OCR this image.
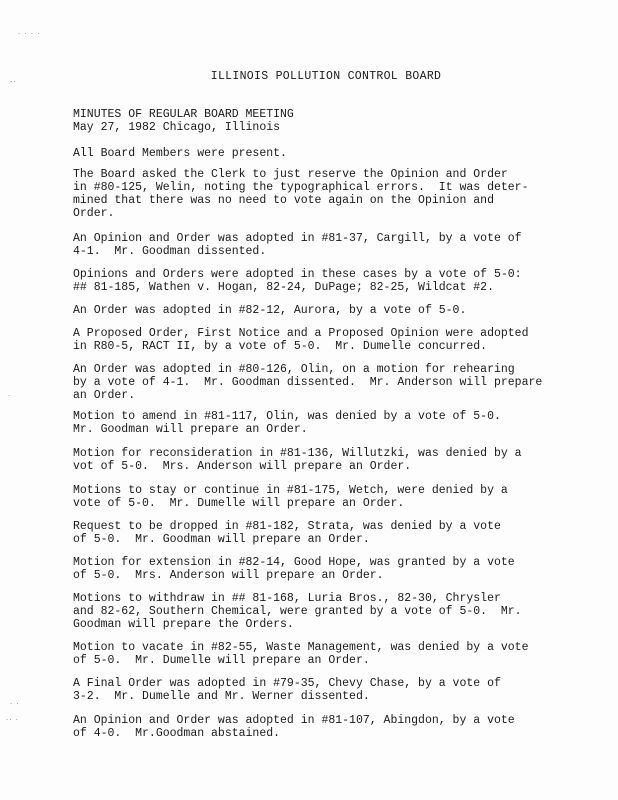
· · · ·
-·
·
· ·
·· ·
ILLINOIS POLLUTION CONTROL BOARD
MINUTES OF REGULAR BOARD MEETING
May 27, 1982 Chicago, Illinois

All Board Members were present.

The Board asked the Clerk to just reserve the Opinion and Order
in #80-125, Welin, noting the typographical errors.  It was deter-
mined that there was no need to vote again on the Opinion and
Order.

An Opinion and Order was adopted in #81-37, Cargill, by a vote of
4-1.  Mr. Goodman dissented.

Opinions and Orders were adopted in these cases by a vote of 5-0:
## 81-185, Wathen v. Hogan, 82-24, DuPage; 82-25, Wildcat #2.

An Order was adopted in #82-12, Aurora, by a vote of 5-0.

A Proposed Order, First Notice and a Proposed Opinion were adopted
in R80-5, RACT II, by a vote of 5-0.  Mr. Dumelle concurred.

An Order was adopted in #80-126, Olin, on a motion for rehearing
by a vote of 4-1.  Mr. Goodman dissented.  Mr. Anderson will prepare
an Order.

Motion to amend in #81-117, Olin, was denied by a vote of 5-0.
Mr. Goodman will prepare an Order.

Motion for reconsideration in #81-136, Willutzki, was denied by a
vot of 5-0.  Mrs. Anderson will prepare an Order.

Motions to stay or continue in #81-175, Wetch, were denied by a
vote of 5-0.  Mr. Dumelle will prepare an Order.

Request to be dropped in #81-182, Strata, was denied by a vote
of 5-0.  Mr. Goodman will prepare an Order.

Motion for extension in #82-14, Good Hope, was granted by a vote
of 5-0.  Mrs. Anderson will prepare an Order.

Motions to withdraw in ## 81-168, Luria Bros., 82-30, Chrysler
and 82-62, Southern Chemical, were granted by a vote of 5-0.  Mr.
Goodman will prepare the Orders.

Motion to vacate in #82-55, Waste Management, was denied by a vote
of 5-0.  Mr. Dumelle will prepare an Order.

A Final Order was adopted in #79-35, Chevy Chase, by a vote of
3-2.  Mr. Dumelle and Mr. Werner dissented.

An Opinion and Order was adopted in #81-107, Abingdon, by a vote
of 4-0.  Mr.Goodman abstained.
